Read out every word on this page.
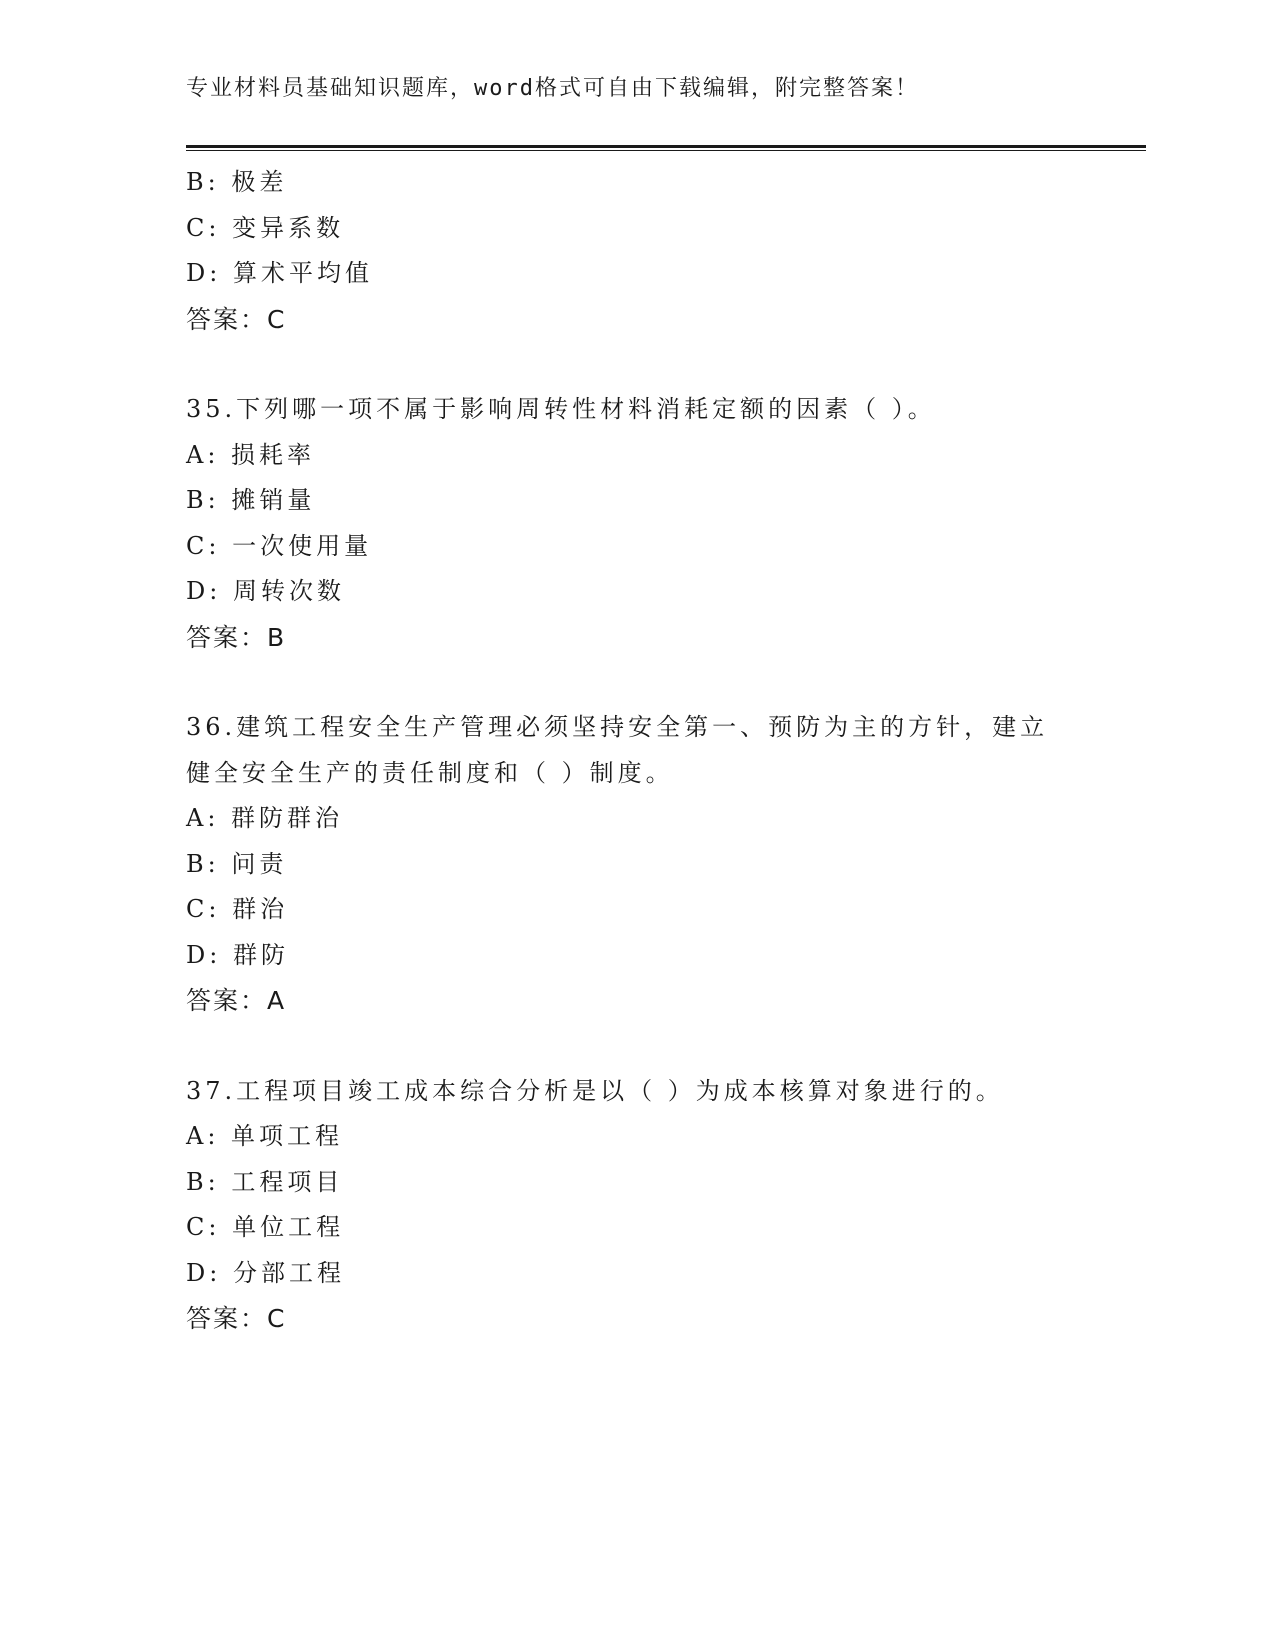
专业材料员基础知识题库，word格式可自由下载编辑，附完整答案！
B: 极差
C: 变异系数
D: 算术平均值
答案：C
35.下列哪一项不属于影响周转性材料消耗定额的因素（ ）。
A: 损耗率
B: 摊销量
C: 一次使用量
D: 周转次数
答案：B
36.建筑工程安全生产管理必须坚持安全第一、预防为主的方针，建立
健全安全生产的责任制度和（ ）制度。
A: 群防群治
B: 问责
C: 群治
D: 群防
答案：A
37.工程项目竣工成本综合分析是以（ ）为成本核算对象进行的。
A: 单项工程
B: 工程项目
C: 单位工程
D: 分部工程
答案：C
